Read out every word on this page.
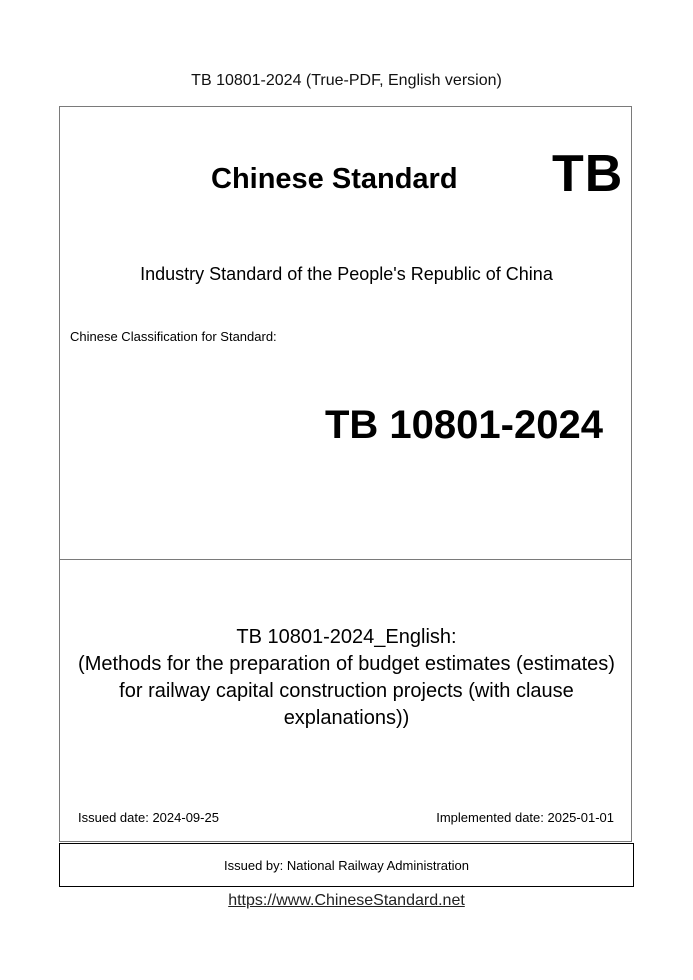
TB 10801-2024 (True-PDF, English version)
Chinese Standard TB
Industry Standard of the People's Republic of China
Chinese Classification for Standard:
TB 10801-2024
TB 10801-2024_English:
(Methods for the preparation of budget estimates (estimates)
for railway capital construction projects (with clause
explanations))
Issued date: 2024-09-25	Implemented date: 2025-01-01
Issued by: National Railway Administration
https://www.ChineseStandard.net
